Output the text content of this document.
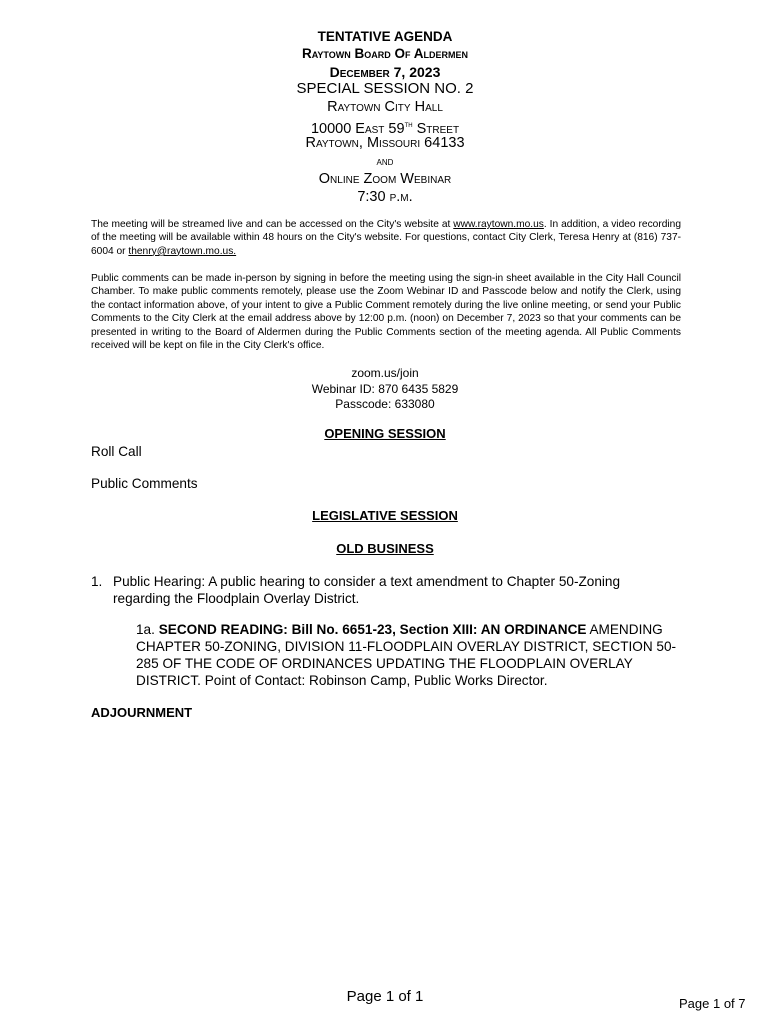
TENTATIVE AGENDA
Raytown Board Of Aldermen
December 7, 2023
SPECIAL SESSION NO. 2
Raytown City Hall
10000 East 59th Street
Raytown, Missouri 64133
and
Online Zoom Webinar
7:30 p.m.

The meeting will be streamed live and can be accessed on the City's website at www.raytown.mo.us. In addition, a video recording of the meeting will be available within 48 hours on the City's website. For questions, contact City Clerk, Teresa Henry at (816) 737-6004 or thenry@raytown.mo.us.

Public comments can be made in-person by signing in before the meeting using the sign-in sheet available in the City Hall Council Chamber. To make public comments remotely, please use the Zoom Webinar ID and Passcode below and notify the Clerk, using the contact information above, of your intent to give a Public Comment remotely during the live online meeting, or send your Public Comments to the City Clerk at the email address above by 12:00 p.m. (noon) on December 7, 2023 so that your comments can be presented in writing to the Board of Aldermen during the Public Comments section of the meeting agenda. All Public Comments received will be kept on file in the City Clerk's office.

zoom.us/join
Webinar ID: 870 6435 5829
Passcode: 633080
OPENING SESSION
Roll Call
Public Comments
LEGISLATIVE SESSION
OLD BUSINESS
1. Public Hearing: A public hearing to consider a text amendment to Chapter 50-Zoning regarding the Floodplain Overlay District.

1a. SECOND READING: Bill No. 6651-23, Section XIII: AN ORDINANCE AMENDING CHAPTER 50-ZONING, DIVISION 11-FLOODPLAIN OVERLAY DISTRICT, SECTION 50-285 OF THE CODE OF ORDINANCES UPDATING THE FLOODPLAIN OVERLAY DISTRICT. Point of Contact: Robinson Camp, Public Works Director.

ADJOURNMENT
Page 1 of 1	Page 1 of 7
